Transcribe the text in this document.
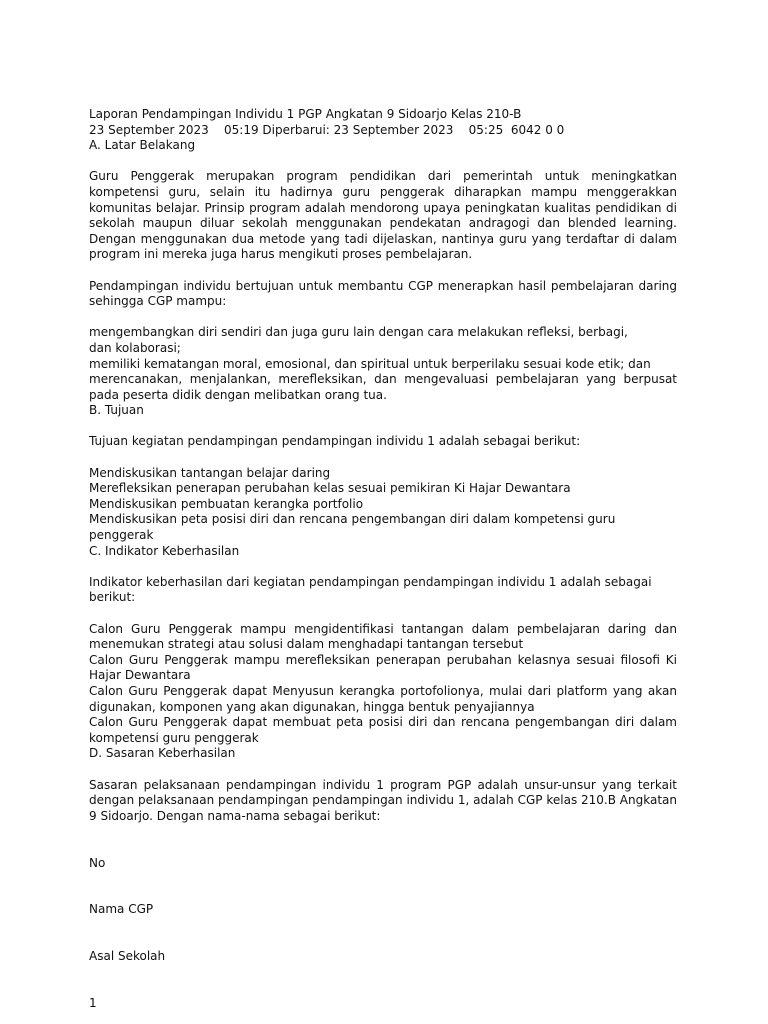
Laporan Pendampingan Individu 1 PGP Angkatan 9 Sidoarjo Kelas 210-B

23 September 2023    05:19 Diperbarui: 23 September 2023    05:25  6042 0 0

A. Latar Belakang

Guru Penggerak merupakan program pendidikan dari pemerintah untuk meningkatkan kompetensi guru, selain itu hadirnya guru penggerak diharapkan mampu menggerakkan komunitas belajar. Prinsip program adalah mendorong upaya peningkatan kualitas pendidikan di sekolah maupun diluar sekolah menggunakan pendekatan andragogi dan blended learning. Dengan menggunakan dua metode yang tadi dijelaskan, nantinya guru yang terdaftar di dalam program ini mereka juga harus mengikuti proses pembelajaran.

Pendampingan individu bertujuan untuk membantu CGP menerapkan hasil pembelajaran daring sehingga CGP mampu:

mengembangkan diri sendiri dan juga guru lain dengan cara melakukan refleksi, berbagi,

dan kolaborasi;

memiliki kematangan moral, emosional, dan spiritual untuk berperilaku sesuai kode etik; dan

merencanakan, menjalankan, merefleksikan, dan mengevaluasi pembelajaran yang berpusat pada peserta didik dengan melibatkan orang tua.

B. Tujuan

Tujuan kegiatan pendampingan pendampingan individu 1 adalah sebagai berikut:

Mendiskusikan tantangan belajar daring

Merefleksikan penerapan perubahan kelas sesuai pemikiran Ki Hajar Dewantara

Mendiskusikan pembuatan kerangka portfolio

Mendiskusikan peta posisi diri dan rencana pengembangan diri dalam kompetensi guru penggerak

C. Indikator Keberhasilan

Indikator keberhasilan dari kegiatan pendampingan pendampingan individu 1 adalah sebagai berikut:

Calon Guru Penggerak mampu mengidentifikasi tantangan dalam pembelajaran daring dan menemukan strategi atau solusi dalam menghadapi tantangan tersebut

Calon Guru Penggerak mampu merefleksikan penerapan perubahan kelasnya sesuai filosofi Ki Hajar Dewantara

Calon Guru Penggerak dapat Menyusun kerangka portofolionya, mulai dari platform yang akan digunakan, komponen yang akan digunakan, hingga bentuk penyajiannya

Calon Guru Penggerak dapat membuat peta posisi diri dan rencana pengembangan diri dalam kompetensi guru penggerak

D. Sasaran Keberhasilan

Sasaran pelaksanaan pendampingan individu 1 program PGP adalah unsur-unsur yang terkait dengan pelaksanaan pendampingan pendampingan individu 1, adalah CGP kelas 210.B Angkatan 9 Sidoarjo. Dengan nama-nama sebagai berikut:

No

Nama CGP

Asal Sekolah

1
